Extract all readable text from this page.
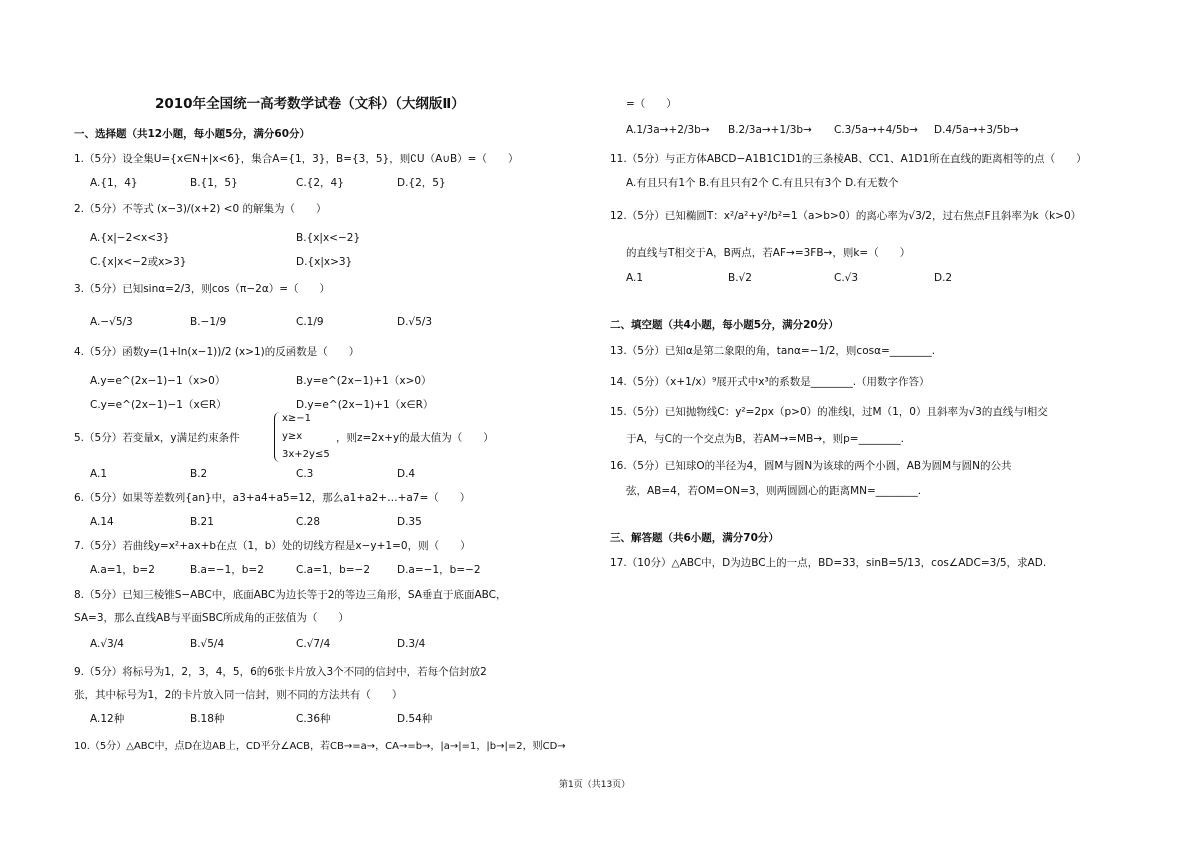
2010年全国统一高考数学试卷（文科）（大纲版Ⅱ）
一、选择题（共12小题，每小题5分，满分60分）
1.（5分）设全集U={x∈N+|x<6}，集合A={1，3}，B={3，5}，则∁U（A∪B）=（　　）
A.{1，4}	B.{1，5}	C.{2，4}	D.{2，5}
2.（5分）不等式 (x−3)/(x+2) <0 的解集为（　　）
A.{x|−2<x<3}	B.{x|x<−2}
C.{x|x<−2或x>3}	D.{x|x>3}
3.（5分）已知sinα=2/3，则cos（π−2α）=（　　）
A.−√5/3	B.−1/9	C.1/9	D.√5/3
4.（5分）函数y=(1+ln(x−1))/2 (x>1)的反函数是（　　）
A.y=e^(2x−1)−1（x>0）	B.y=e^(2x−1)+1（x>0）
C.y=e^(2x−1)−1（x∈R）	D.y=e^(2x−1)+1（x∈R）
5.（5分）若变量x，y满足约束条件
x≥−1
y≥x
3x+2y≤5
，则z=2x+y的最大值为（　　）
A.1	B.2	C.3	D.4
6.（5分）如果等差数列{an}中，a3+a4+a5=12，那么a1+a2+…+a7=（　　）
A.14	B.21	C.28	D.35
7.（5分）若曲线y=x²+ax+b在点（1，b）处的切线方程是x−y+1=0，则（　　）
A.a=1，b=2	B.a=−1，b=2	C.a=1，b=−2	D.a=−1，b=−2
8.（5分）已知三棱锥S−ABC中，底面ABC为边长等于2的等边三角形，SA垂直于底面ABC，
SA=3，那么直线AB与平面SBC所成角的正弦值为（　　）
A.√3/4	B.√5/4	C.√7/4	D.3/4
9.（5分）将标号为1，2，3，4，5，6的6张卡片放入3个不同的信封中，若每个信封放2
张，其中标号为1，2的卡片放入同一信封，则不同的方法共有（　　）
A.12种	B.18种	C.36种	D.54种
10.（5分）△ABC中，点D在边AB上，CD平分∠ACB，若CB→=a→，CA→=b→，|a→|=1，|b→|=2，则CD→
=（　　）
A.1/3a→+2/3b→ B.2/3a→+1/3b→ C.3/5a→+4/5b→ D.4/5a→+3/5b→
11.（5分）与正方体ABCD−A1B1C1D1的三条棱AB、CC1、A1D1所在直线的距离相等的点（　　）
A.有且只有1个 B.有且只有2个 C.有且只有3个 D.有无数个
12.（5分）已知椭圆T：x²/a²+y²/b²=1（a>b>0）的离心率为√3/2，过右焦点F且斜率为k（k>0）
的直线与T相交于A，B两点，若AF→=3FB→，则k=（　　）
A.1	B.√2	C.√3	D.2
二、填空题（共4小题，每小题5分，满分20分）
13.（5分）已知α是第二象限的角，tanα=−1/2，则cosα=________.
14.（5分）（x+1/x）⁹展开式中x³的系数是________.（用数字作答）
15.（5分）已知抛物线C：y²=2px（p>0）的准线l，过M（1，0）且斜率为√3的直线与l相交
于A，与C的一个交点为B，若AM→=MB→，则p=________.
16.（5分）已知球O的半径为4，圆M与圆N为该球的两个小圆，AB为圆M与圆N的公共
弦，AB=4，若OM=ON=3，则两圆圆心的距离MN=________.
三、解答题（共6小题，满分70分）
17.（10分）△ABC中，D为边BC上的一点，BD=33，sinB=5/13，cos∠ADC=3/5，求AD.
第1页（共13页）
